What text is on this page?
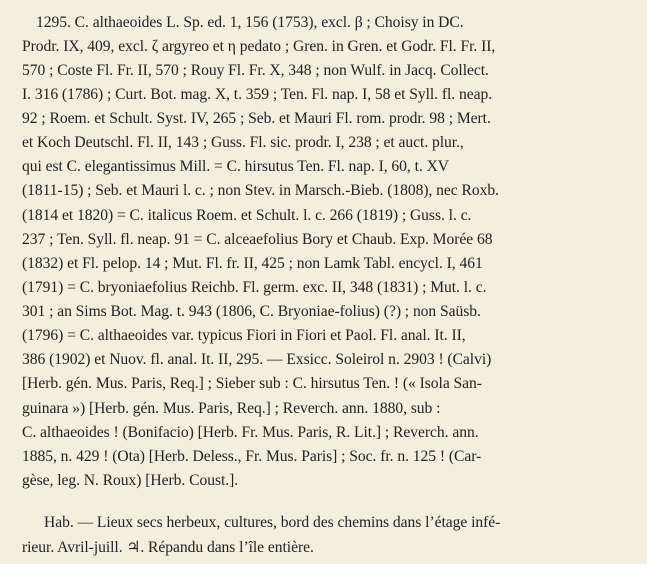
1295. C. althaeoides L. Sp. ed. 1, 156 (1753), excl. β ; Choisy in DC.
Prodr. IX, 409, excl. ζ argyreo et η pedato ; Gren. in Gren. et Godr. Fl. Fr. II,
570 ; Coste Fl. Fr. II, 570 ; Rouy Fl. Fr. X, 348 ; non Wulf. in Jacq. Collect.
I. 316 (1786) ; Curt. Bot. mag. X, t. 359 ; Ten. Fl. nap. I, 58 et Syll. fl. neap.
92 ; Roem. et Schult. Syst. IV, 265 ; Seb. et Mauri Fl. rom. prodr. 98 ; Mert.
et Koch Deutschl. Fl. II, 143 ; Guss. Fl. sic. prodr. I, 238 ; et auct. plur.,
qui est C. elegantissimus Mill. = C. hirsutus Ten. Fl. nap. I, 60, t. XV
(1811-15) ; Seb. et Mauri l. c. ; non Stev. in Marsch.-Bieb. (1808), nec Roxb.
(1814 et 1820) = C. italicus Roem. et Schult. l. c. 266 (1819) ; Guss. l. c.
237 ; Ten. Syll. fl. neap. 91 = C. alceaefolius Bory et Chaub. Exp. Morée 68
(1832) et Fl. pelop. 14 ; Mut. Fl. fr. II, 425 ; non Lamk Tabl. encycl. I, 461
(1791) = C. bryoniaefolius Reichb. Fl. germ. exc. II, 348 (1831) ; Mut. l. c.
301 ; an Sims Bot. Mag. t. 943 (1806, C. Bryoniae-folius) (?) ; non Saüsb.
(1796) = C. althaeoides var. typicus Fiori in Fiori et Paol. Fl. anal. It. II,
386 (1902) et Nuov. fl. anal. It. II, 295. — Exsicc. Soleirol n. 2903 ! (Calvi)
[Herb. gén. Mus. Paris, Req.] ; Sieber sub : C. hirsutus Ten. ! (« Isola San-
guinara ») [Herb. gén. Mus. Paris, Req.] ; Reverch. ann. 1880, sub :
C. althaeoides ! (Bonifacio) [Herb. Fr. Mus. Paris, R. Lit.] ; Reverch. ann.
1885, n. 429 ! (Ota) [Herb. Deless., Fr. Mus. Paris] ; Soc. fr. n. 125 ! (Car-
gèse, leg. N. Roux) [Herb. Coust.].
Hab. — Lieux secs herbeux, cultures, bord des chemins dans l’étage infé-
rieur. Avril-juill. ♃. Répandu dans l’île entière.
